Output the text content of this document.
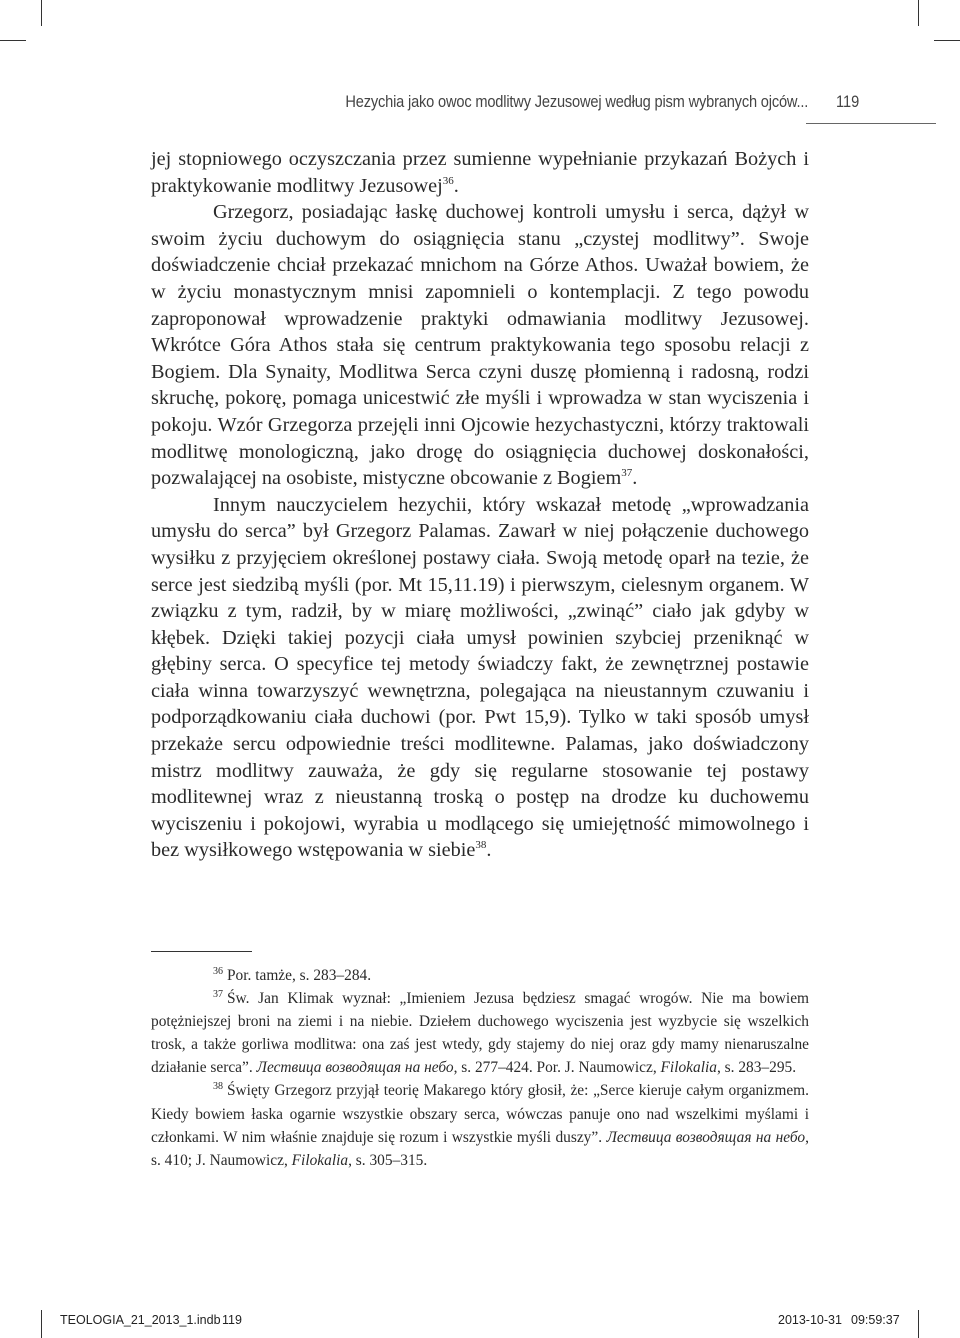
Hezychia jako owoc modlitwy Jezusowej według pism wybranych ojców... 119

jej stopniowego oczyszczania przez sumienne wypełnianie przykazań Bożych i praktykowanie modlitwy Jezusowej$^{36}$.

Grzegorz, posiadając łaskę duchowej kontroli umysłu i serca, dążył w swoim życiu duchowym do osiągnięcia stanu „czystej modlitwy”. Swoje doświadczenie chciał przekazać mnichom na Górze Athos. Uważał bowiem, że w życiu monastycznym mnisi zapomnieli o kontemplacji. Z tego powodu zaproponował wprowadzenie praktyki odmawiania modlitwy Jezusowej. Wkrótce Góra Athos stała się centrum praktykowania tego sposobu relacji z Bogiem. Dla Synaity, Modlitwa Serca czyni duszę płomienną i radosną, rodzi skruchę, pokorę, pomaga unicestwić złe myśli i wprowadza w stan wyciszenia i pokoju. Wzór Grzegorza przejęli inni Ojcowie hezychastyczni, którzy traktowali modlitwę monologiczną, jako drogę do osiągnięcia duchowej doskonałości, pozwalającej na osobiste, mistyczne obcowanie z Bogiem$^{37}$.

Innym nauczycielem hezychii, który wskazał metodę „wprowadzania umysłu do serca” był Grzegorz Palamas. Zawarł w niej połączenie duchowego wysiłku z przyjęciem określonej postawy ciała. Swoją metodę oparł na tezie, że serce jest siedzibą myśli (por. Mt 15,11.19) i pierwszym, cielesnym organem. W związku z tym, radził, by w miarę możliwości, „zwinąć” ciało jak gdyby w kłębek. Dzięki takiej pozycji ciała umysł powinien szybciej przeniknąć w głębiny serca. O specyfice tej metody świadczy fakt, że zewnętrznej postawie ciała winna towarzyszyć wewnętrzna, polegająca na nieustannym czuwaniu i podporządkowaniu ciała duchowi (por. Pwt 15,9). Tylko w taki sposób umysł przekaże sercu odpowiednie treści modlitewne. Palamas, jako doświadczony mistrz modlitwy zauważa, że gdy się regularne stosowanie tej postawy modlitewnej wraz z nieustanną troską o postęp na drodze ku duchowemu wyciszeniu i pokojowi, wyrabia u modlącego się umiejętność mimowolnego i bez wysiłkowego wstępowania w siebie$^{38}$.

$^{36}$ Por. tamże, s. 283–284.

$^{37}$ Św. Jan Klimak wyznał: „Imieniem Jezusa będziesz smagać wrogów. Nie ma bowiem potężniejszej broni na ziemi i na niebie. Dziełem duchowego wyciszenia jest wyzbycie się wszelkich trosk, a także gorliwa modlitwa: ona zaś jest wtedy, gdy stajemy do niej oraz gdy mamy nienaruszalne działanie serca”. Лествица возводящая на небо, s. 277–424. Por. J. Naumowicz, Filokalia, s. 283–295.

$^{38}$ Święty Grzegorz przyjął teorię Makarego który głosił, że: „Serce kieruje całym organizmem. Kiedy bowiem łaska ogarnie wszystkie obszary serca, wówczas panuje ono nad wszelkimi myślami i członkami. W nim właśnie znajduje się rozum i wszystkie myśli duszy”. Лествица возводящая на небо, s. 410; J. Naumowicz, Filokalia, s. 305–315.

TEOLOGIA_21_2013_1.indb 119	2013-10-31 09:59:37
